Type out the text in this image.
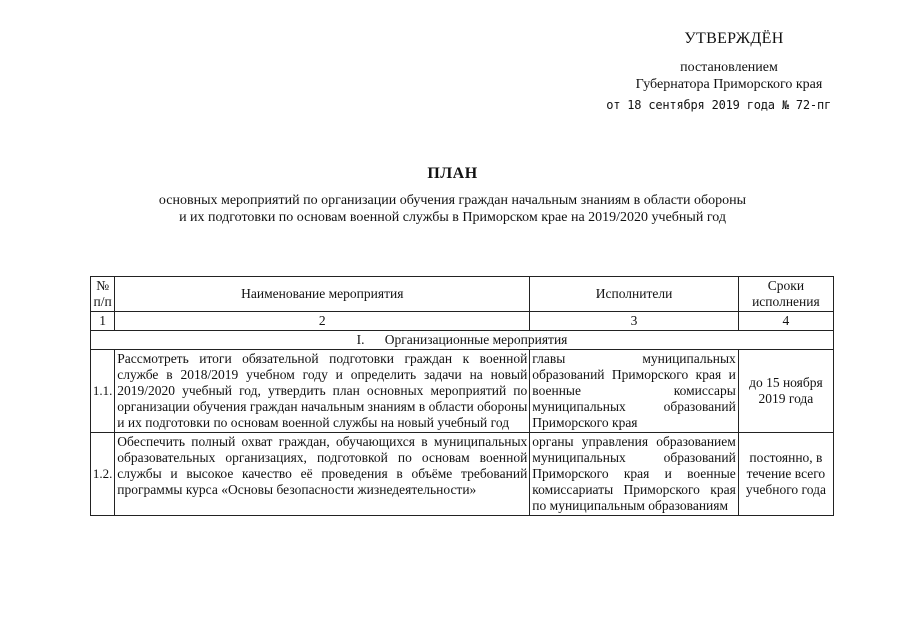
УТВЕРЖДЁН
постановлением
Губернатора Приморского края
от 18 сентября 2019 года № 72-пг
ПЛАН
основных мероприятий по организации обучения граждан начальным знаниям в области обороны
и их подготовки по основам военной службы в Приморском крае на 2019/2020 учебный год
№
п/п	Наименование мероприятия	Исполнители	Сроки исполнения
1	2	3	4
I.      Организационные мероприятия			
1.1.	Рассмотреть итоги обязательной подготовки граждан к военной службе в 2018/2019 учебном году и определить задачи на новый 2019/2020 учебный год, утвердить план основных мероприятий по организации обучения граждан начальным знаниям в области обороны и их подготовки по основам военной службы на новый учебный год	главы муниципальных образований Приморского края и военные комиссары муниципальных образований Приморского края	до 15 ноября 2019 года
1.2.	Обеспечить полный охват граждан, обучающихся в муниципальных образовательных организациях, подготовкой по основам военной службы и высокое качество её проведения в объёме требований программы курса «Основы безопасности жизнедеятельности»	органы управления образованием муниципальных образований Приморского края и военные комиссариаты Приморского края по муниципальным образованиям	постоянно, в течение всего учебного года
